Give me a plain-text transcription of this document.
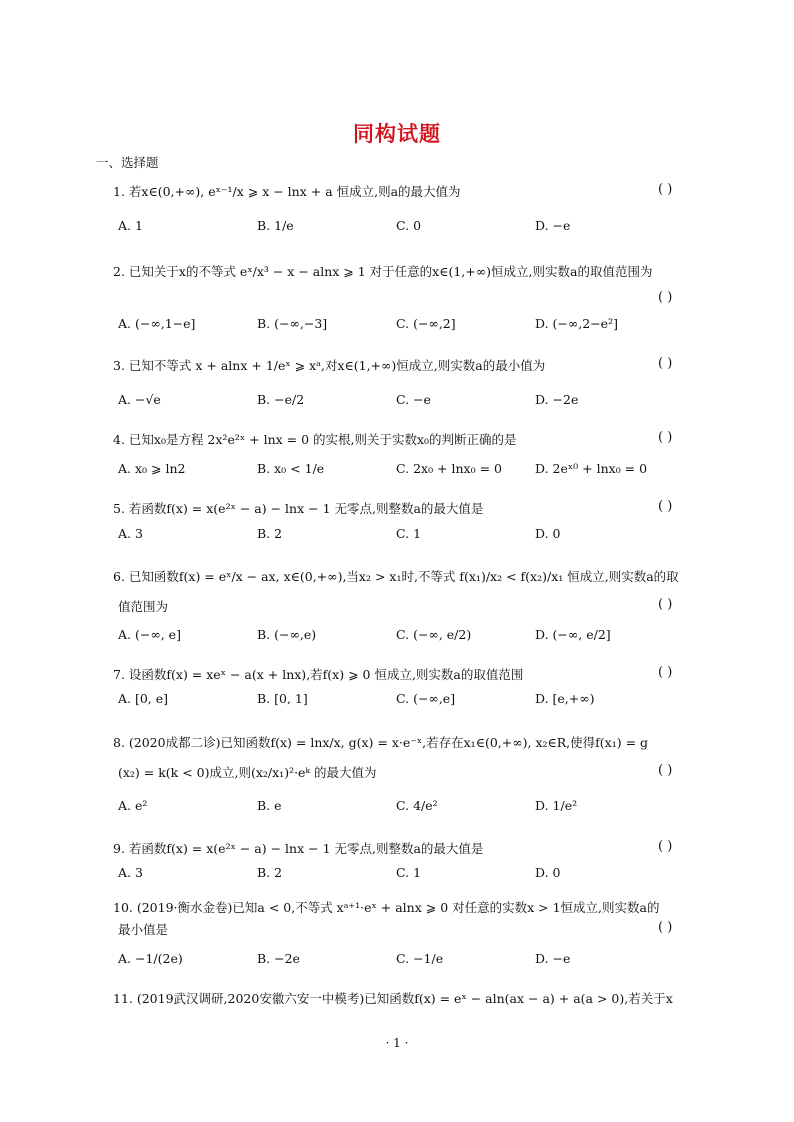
同构试题
一、选择题
1. 若x∈(0,+∞), eˣ⁻¹/x ⩾ x − lnx + a 恒成立,则a的最大值为	( )
A. 1	B. 1/e	C. 0	D. −e
2. 已知关于x的不等式 eˣ/x³ − x − alnx ⩾ 1 对于任意的x∈(1,+∞)恒成立,则实数a的取值范围为
( )
A. (−∞,1−e]	B. (−∞,−3]	C. (−∞,2]	D. (−∞,2−e²]
3. 已知不等式 x + alnx + 1/eˣ ⩾ xᵃ,对x∈(1,+∞)恒成立,则实数a的最小值为	( )
A. −√e	B. −e/2	C. −e	D. −2e
4. 已知x₀是方程 2x²e²ˣ + lnx = 0 的实根,则关于实数x₀的判断正确的是	( )
A. x₀ ⩾ ln2	B. x₀ < 1/e	C. 2x₀ + lnx₀ = 0	D. 2eˣ⁰ + lnx₀ = 0
5. 若函数f(x) = x(e²ˣ − a) − lnx − 1 无零点,则整数a的最大值是	( )
A. 3	B. 2	C. 1	D. 0
6. 已知函数f(x) = eˣ/x − ax, x∈(0,+∞),当x₂ > x₁时,不等式 f(x₁)/x₂ < f(x₂)/x₁ 恒成立,则实数a的取
值范围为	( )
A. (−∞, e]	B. (−∞,e)	C. (−∞, e/2)	D. (−∞, e/2]
7. 设函数f(x) = xeˣ − a(x + lnx),若f(x) ⩾ 0 恒成立,则实数a的取值范围	( )
A. [0, e]	B. [0, 1]	C. (−∞,e]	D. [e,+∞)
8. (2020成都二诊)已知函数f(x) = lnx/x, g(x) = x·e⁻ˣ,若存在x₁∈(0,+∞), x₂∈R,使得f(x₁) = g
(x₂) = k(k < 0)成立,则(x₂/x₁)²·eᵏ 的最大值为	( )
A. e²	B. e	C. 4/e²	D. 1/e²
9. 若函数f(x) = x(e²ˣ − a) − lnx − 1 无零点,则整数a的最大值是	( )
A. 3	B. 2	C. 1	D. 0
10. (2019·衡水金卷)已知a < 0,不等式 xᵃ⁺¹·eˣ + alnx ⩾ 0 对任意的实数x > 1恒成立,则实数a的
最小值是	( )
A. −1/(2e)	B. −2e	C. −1/e	D. −e
11. (2019武汉调研,2020安徽六安一中模考)已知函数f(x) = eˣ − aln(ax − a) + a(a > 0),若关于x
· 1 ·
